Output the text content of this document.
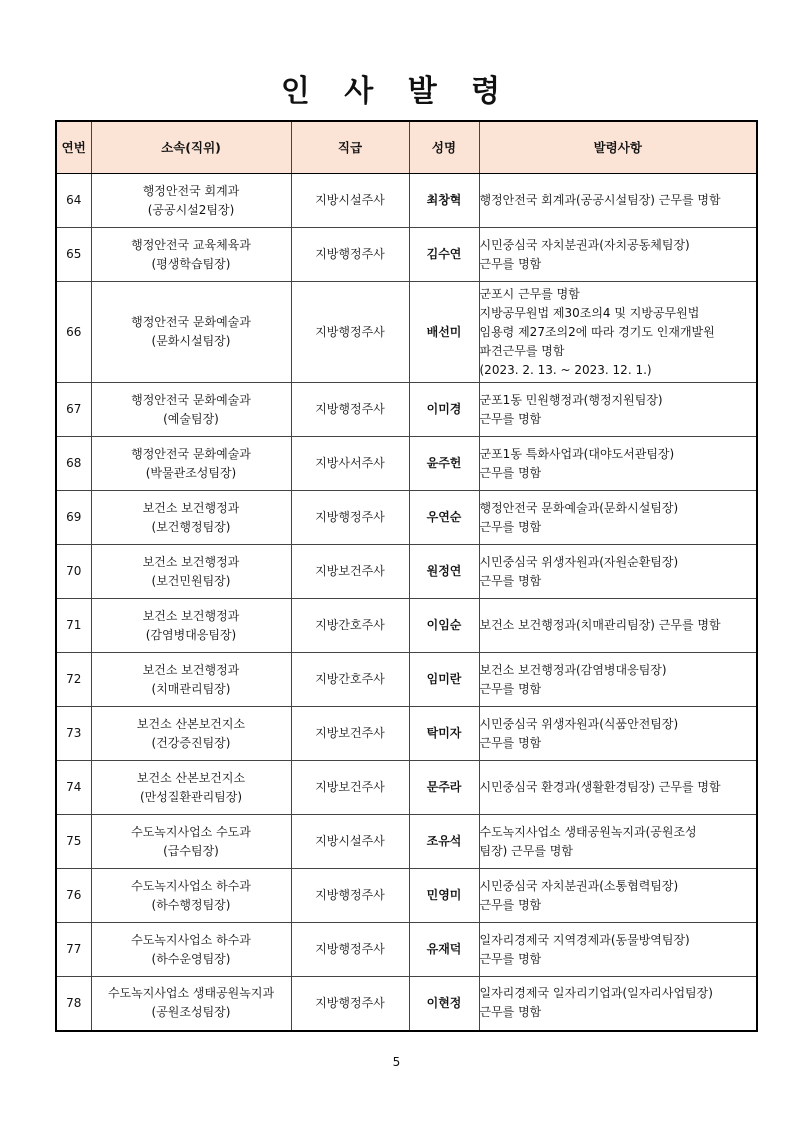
인 사 발 령
연번	소속(직위)	직급	성명	발령사항
64	행정안전국 회계과
(공공시설2팀장)	지방시설주사	최창혁	행정안전국 회계과(공공시설팀장) 근무를 명함
65	행정안전국 교육체육과
(평생학습팀장)	지방행정주사	김수연	시민중심국 자치분권과(자치공동체팀장)
근무를 명함
66	행정안전국 문화예술과
(문화시설팀장)	지방행정주사	배선미	군포시 근무를 명함
지방공무원법 제30조의4 및 지방공무원법
임용령 제27조의2에 따라 경기도 인재개발원
파견근무를 명함
(2023. 2. 13. ~ 2023. 12. 1.)
67	행정안전국 문화예술과
(예술팀장)	지방행정주사	이미경	군포1동 민원행정과(행정지원팀장)
근무를 명함
68	행정안전국 문화예술과
(박물관조성팀장)	지방사서주사	윤주헌	군포1동 특화사업과(대야도서관팀장)
근무를 명함
69	보건소 보건행정과
(보건행정팀장)	지방행정주사	우연순	행정안전국 문화예술과(문화시설팀장)
근무를 명함
70	보건소 보건행정과
(보건민원팀장)	지방보건주사	원정연	시민중심국 위생자원과(자원순환팀장)
근무를 명함
71	보건소 보건행정과
(감염병대응팀장)	지방간호주사	이임순	보건소 보건행정과(치매관리팀장) 근무를 명함
72	보건소 보건행정과
(치매관리팀장)	지방간호주사	임미란	보건소 보건행정과(감염병대응팀장)
근무를 명함
73	보건소 산본보건지소
(건강증진팀장)	지방보건주사	탁미자	시민중심국 위생자원과(식품안전팀장)
근무를 명함
74	보건소 산본보건지소
(만성질환관리팀장)	지방보건주사	문주라	시민중심국 환경과(생활환경팀장) 근무를 명함
75	수도녹지사업소 수도과
(급수팀장)	지방시설주사	조유석	수도녹지사업소 생태공원녹지과(공원조성
팀장) 근무를 명함
76	수도녹지사업소 하수과
(하수행정팀장)	지방행정주사	민영미	시민중심국 자치분권과(소통협력팀장)
근무를 명함
77	수도녹지사업소 하수과
(하수운영팀장)	지방행정주사	유재덕	일자리경제국 지역경제과(동물방역팀장)
근무를 명함
78	수도녹지사업소 생태공원녹지과
(공원조성팀장)	지방행정주사	이현정	일자리경제국 일자리기업과(일자리사업팀장)
근무를 명함
5
